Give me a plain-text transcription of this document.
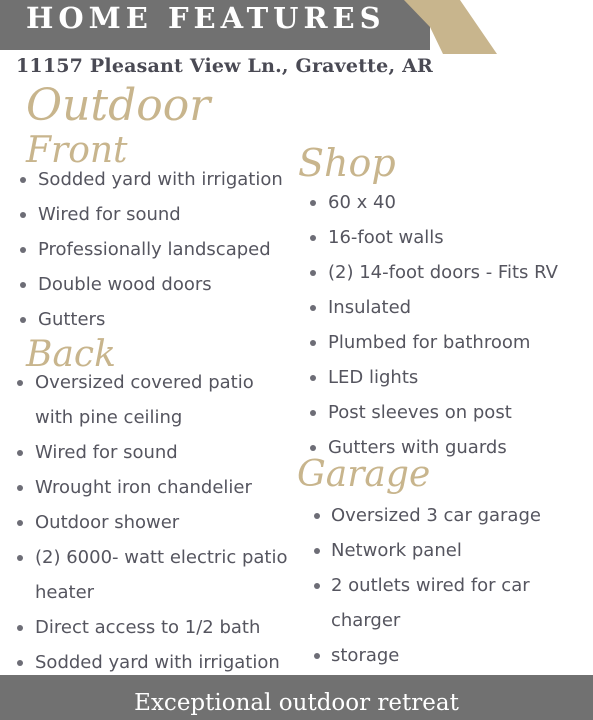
HOME FEATURES
11157 Pleasant View Ln., Gravette, AR
Outdoor
Front
Back
Shop
Garage
Sodded yard with irrigation
Wired for sound
Professionally landscaped
Double wood doors
Gutters
Oversized covered patio
with pine ceiling
Wired for sound
Wrought iron chandelier
Outdoor shower
(2) 6000- watt electric patio
heater
Direct access to 1/2 bath
Sodded yard with irrigation
60 x 40
16-foot walls
(2) 14-foot doors - Fits RV
Insulated
Plumbed for bathroom
LED lights
Post sleeves on post
Gutters with guards
Oversized 3 car garage
Network panel
2 outlets wired for car
charger
storage
Exceptional outdoor retreat
